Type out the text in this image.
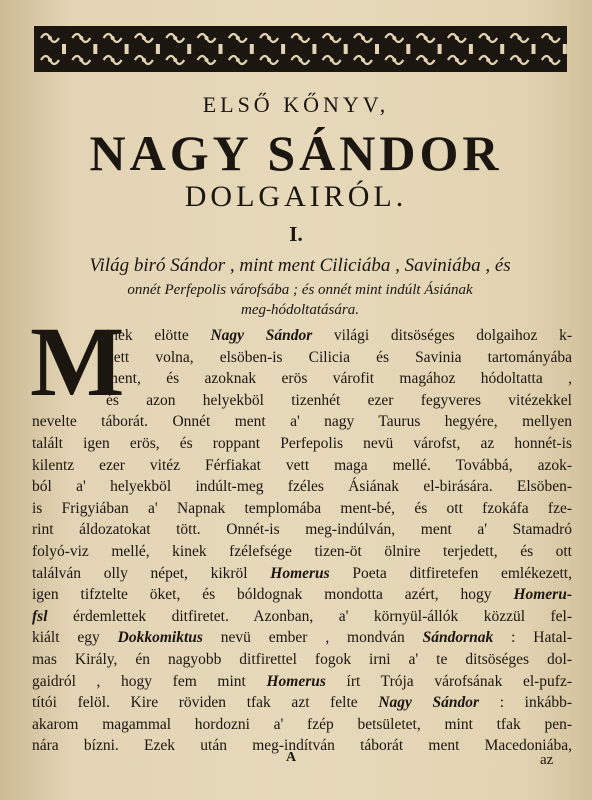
ELSŐ KŐNYV,
NAGY SÁNDOR
DOLGAIRÓL.
I.
Világ biró Sándor , mint ment Ciliciába , Saviniába , és
onnét Perfepolis várofsába ; és onnét mint indúlt Ásiának
meg-hódoltatására.
M
inek elötte Nagy Sándor világi ditsöséges dolgaihoz k-
dett volna, elsöben-is Cilicia és Savinia tartományába
ment, és azoknak erös várofit magához hódoltatta ,
és azon helyekböl tizenhét ezer fegyveres vitézekkel
nevelte táborát. Onnét ment a' nagy Taurus hegyére, mellyen
talált igen erös, és roppant Perfepolis nevü várofst, az honnét-is
kilentz ezer vitéz Férfiakat vett maga mellé. Továbbá, azok-
ból a' helyekböl indúlt-meg fzéles Ásiának el-birására. Elsöben-
is Frigyiában a' Napnak templomába ment-bé, és ott fzokáfa fze-
rint áldozatokat tött. Onnét-is meg-indúlván, ment a' Stamadró
folyó-viz mellé, kinek fzélefsége tizen-öt ölnire terjedett, és ott
találván olly népet, kikröl Homerus Poeta ditfiretefen emlékezett,
igen tifztelte öket, és bóldognak mondotta azért, hogy Homeru-
fsl érdemlettek ditfiretet. Azonban, a' környül-állók közzül fel-
kiált egy Dokkomiktus nevü ember , mondván Sándornak : Hatal-
mas Király, én nagyobb ditfirettel fogok irni a' te ditsöséges dol-
gaidról , hogy fem mint Homerus írt Trója várofsának el-pufz-
títói felöl. Kire röviden tfak azt felte Nagy Sándor : inkább-
akarom magammal hordozni a' fzép betsületet, mint tfak pen-
nára bízni. Ezek után meg-indítván táborát ment Macedoniába,
A	az
